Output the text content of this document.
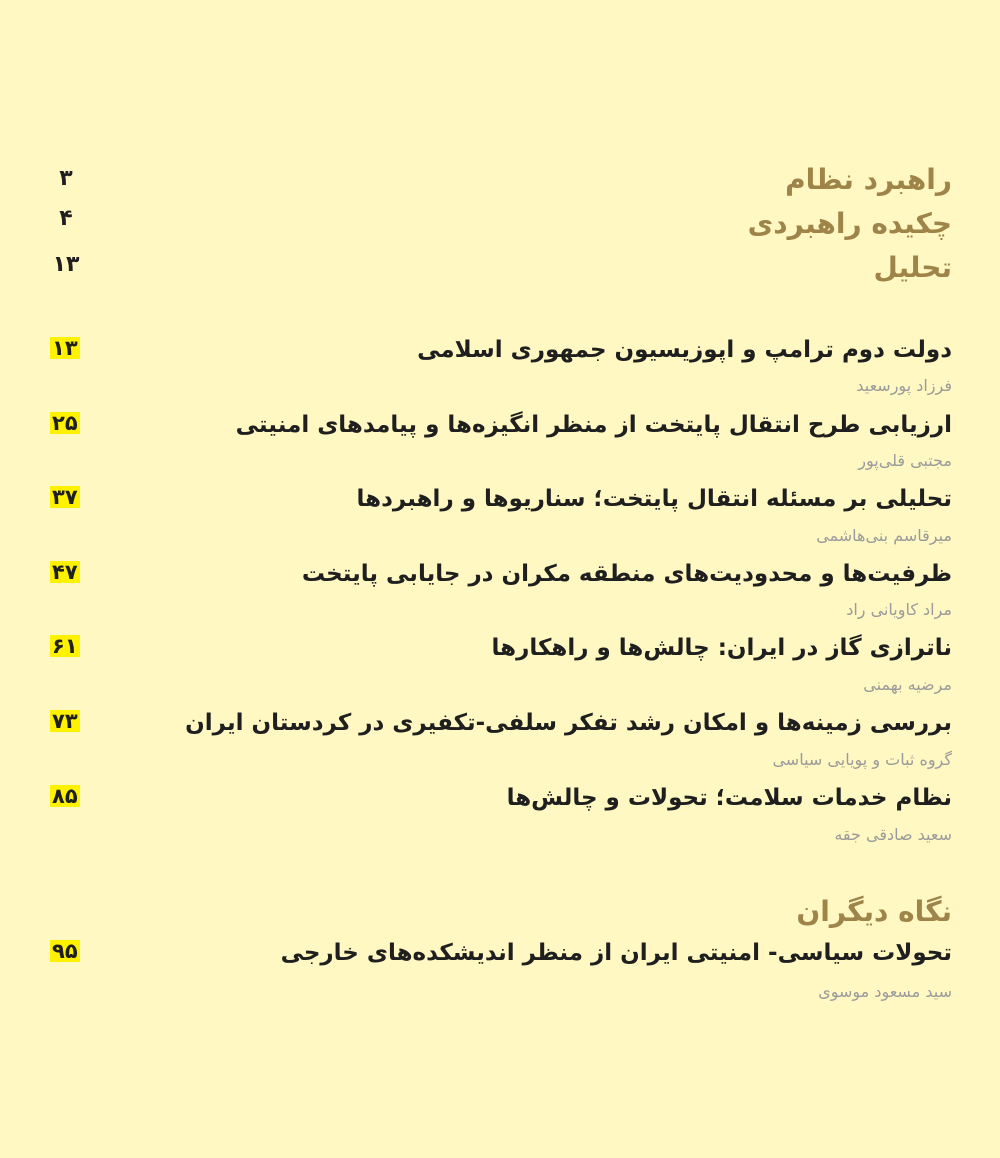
راهبرد نظام
۳
چکیده راهبردی
۴
تحلیل
۱۳
دولت دوم ترامپ و اپوزیسیون جمهوری اسلامی
۱۳
فرزاد پورسعید
ارزیابی طرح انتقال پایتخت از منظر انگیزه‌ها و پیامدهای امنیتی
۲۵
مجتبی قلی‌پور
تحلیلی بر مسئله انتقال پایتخت؛ سناریوها و راهبردها
۳۷
میرقاسم بنی‌هاشمی
ظرفیت‌ها و محدودیت‌های منطقه مکران در جایابی پایتخت
۴۷
مراد کاویانی راد
ناترازی گاز در ایران: چالش‌ها و راهکارها
۶۱
مرضیه بهمنی
بررسی زمینه‌ها و امکان رشد تفکر سلفی-تکفیری در کردستان ایران
۷۳
گروه ثبات و پویایی سیاسی
نظام خدمات سلامت؛ تحولات و چالش‌ها
۸۵
سعید صادقی جقه
نگاه دیگران
تحولات سیاسی- امنیتی ایران از منظر اندیشکده‌های خارجی
۹۵
سید مسعود موسوی
